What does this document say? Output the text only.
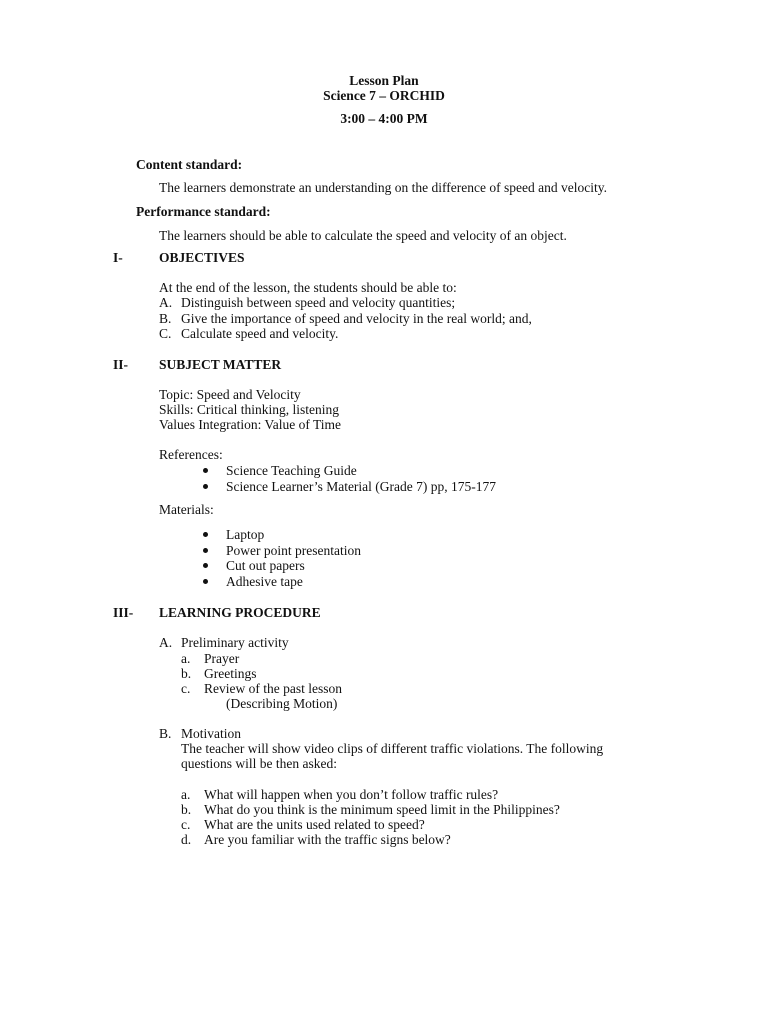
Lesson Plan
Science 7 – ORCHID
3:00 – 4:00 PM
Content standard:
The learners demonstrate an understanding on the difference of speed and velocity.
Performance standard:
The learners should be able to calculate the speed and velocity of an object.
I-	OBJECTIVES
At the end of the lesson, the students should be able to:
A. Distinguish between speed and velocity quantities;
B. Give the importance of speed and velocity in the real world; and,
C. Calculate speed and velocity.
II- SUBJECT MATTER
Topic: Speed and Velocity
Skills: Critical thinking, listening
Values Integration: Value of Time
References:
Science Teaching Guide
Science Learner’s Material (Grade 7) pp, 175-177
Materials:
Laptop
Power point presentation
Cut out papers
Adhesive tape
III- LEARNING PROCEDURE
A. Preliminary activity
a. Prayer
b. Greetings
c. Review of the past lesson
(Describing Motion)
B. Motivation
The teacher will show video clips of different traffic violations. The following
questions will be then asked:
a. What will happen when you don’t follow traffic rules?
b. What do you think is the minimum speed limit in the Philippines?
c. What are the units used related to speed?
d. Are you familiar with the traffic signs below?
